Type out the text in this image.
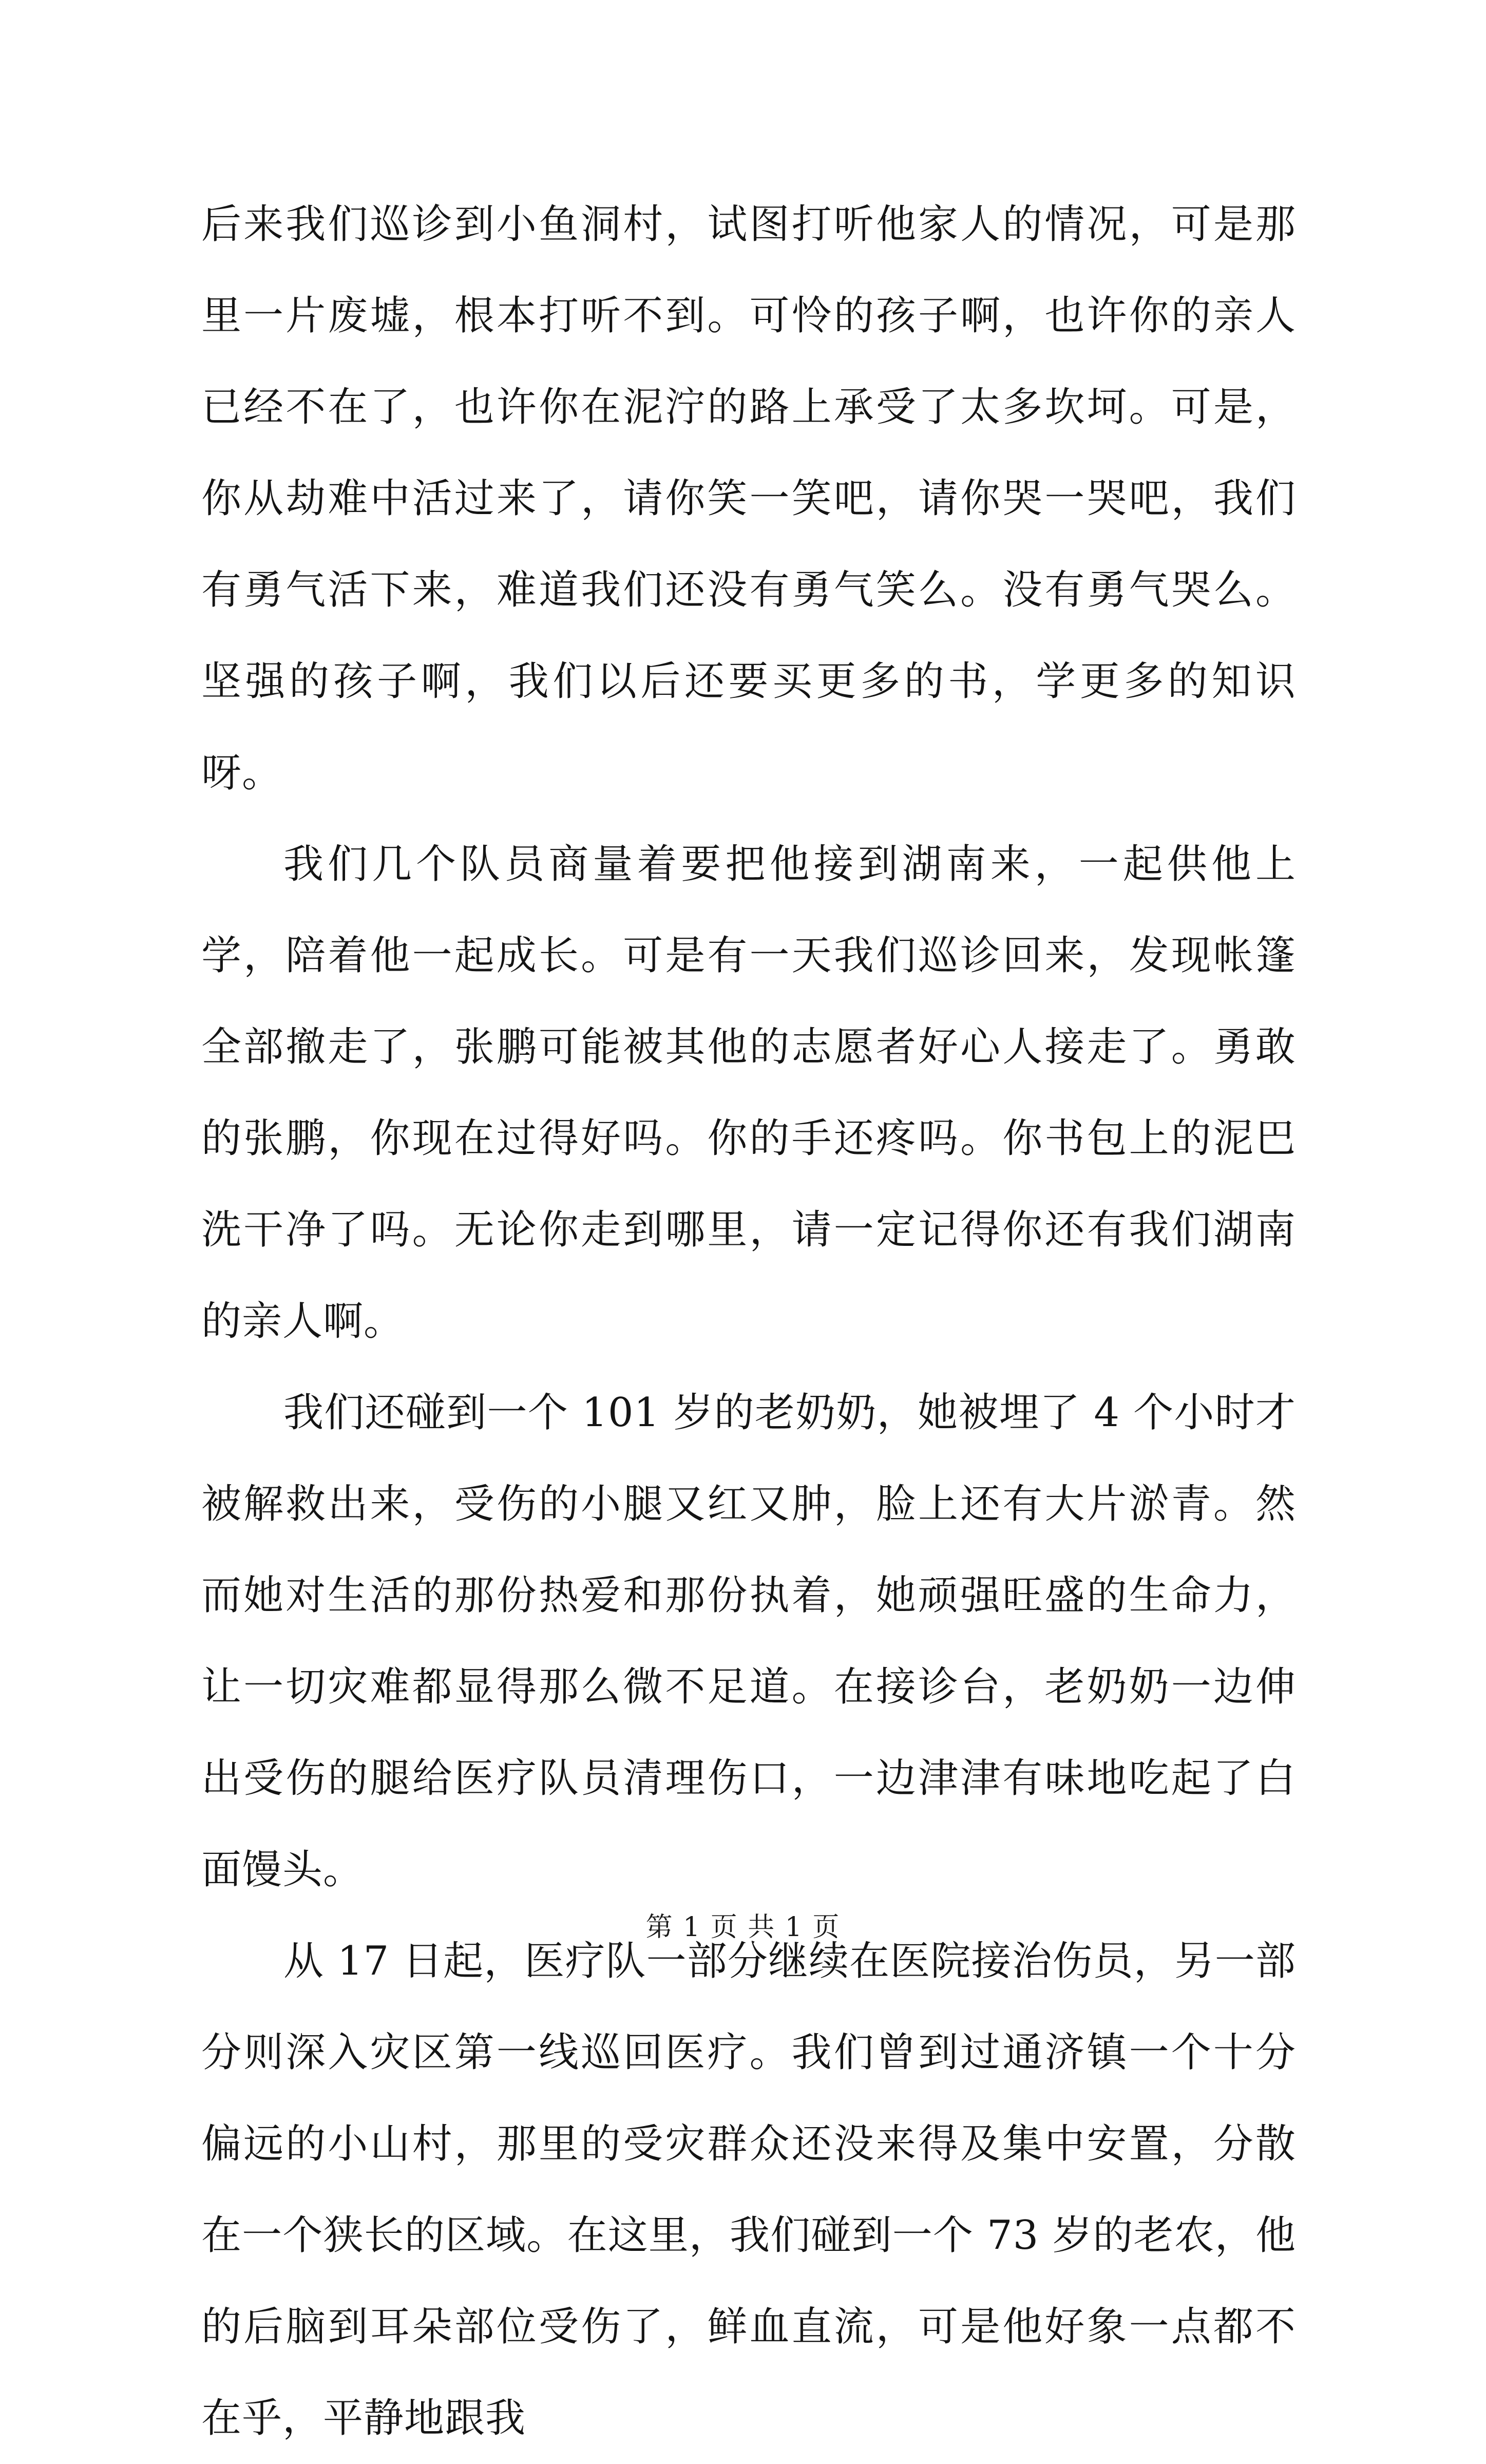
后来我们巡诊到小鱼洞村，试图打听他家人的情况，可是那里一片废墟，根本打听不到。可怜的孩子啊，也许你的亲人已经不在了，也许你在泥泞的路上承受了太多坎坷。可是，你从劫难中活过来了，请你笑一笑吧，请你哭一哭吧，我们有勇气活下来，难道我们还没有勇气笑么。没有勇气哭么。坚强的孩子啊，我们以后还要买更多的书，学更多的知识呀。

我们几个队员商量着要把他接到湖南来，一起供他上学，陪着他一起成长。可是有一天我们巡诊回来，发现帐篷全部撤走了，张鹏可能被其他的志愿者好心人接走了。勇敢的张鹏，你现在过得好吗。你的手还疼吗。你书包上的泥巴洗干净了吗。无论你走到哪里，请一定记得你还有我们湖南的亲人啊。

我们还碰到一个 101 岁的老奶奶，她被埋了 4 个小时才被解救出来，受伤的小腿又红又肿，脸上还有大片淤青。然而她对生活的那份热爱和那份执着，她顽强旺盛的生命力，让一切灾难都显得那么微不足道。在接诊台，老奶奶一边伸出受伤的腿给医疗队员清理伤口，一边津津有味地吃起了白面馒头。

从 17 日起，医疗队一部分继续在医院接治伤员，另一部分则深入灾区第一线巡回医疗。我们曾到过通济镇一个十分偏远的小山村，那里的受灾群众还没来得及集中安置，分散在一个狭长的区域。在这里，我们碰到一个 73 岁的老农，他的后脑到耳朵部位受伤了，鲜血直流，可是他好象一点都不在乎，平静地跟我

第 1 页 共 1 页
